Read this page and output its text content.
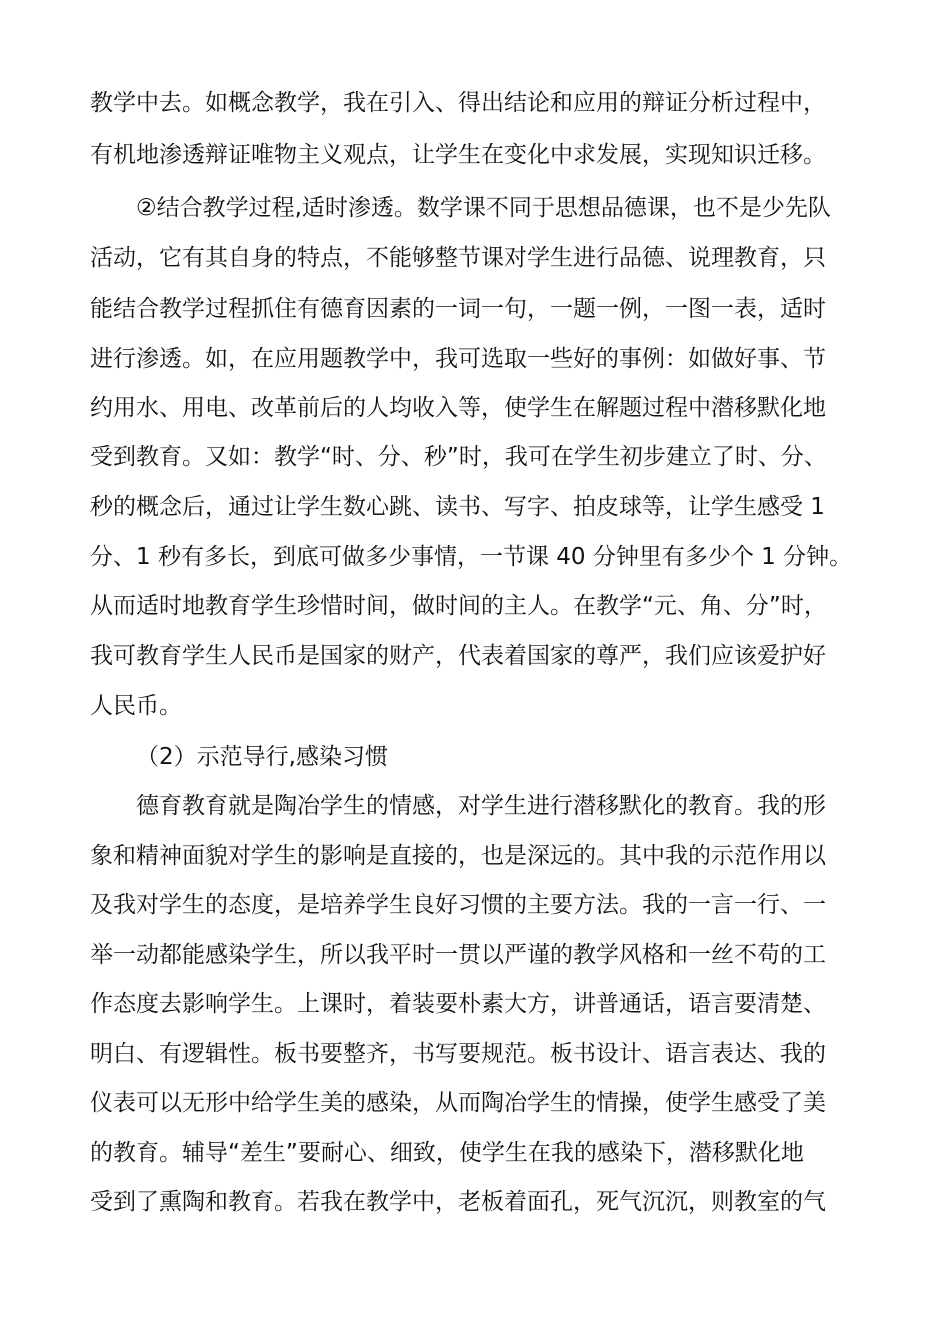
教学中去。如概念教学，我在引入、得出结论和应用的辩证分析过程中，
有机地渗透辩证唯物主义观点，让学生在变化中求发展，实现知识迁移。
②结合教学过程,适时渗透。数学课不同于思想品德课，也不是少先队
活动，它有其自身的特点，不能够整节课对学生进行品德、说理教育，只
能结合教学过程抓住有德育因素的一词一句，一题一例，一图一表，适时
进行渗透。如，在应用题教学中，我可选取一些好的事例：如做好事、节
约用水、用电、改革前后的人均收入等，使学生在解题过程中潜移默化地
受到教育。又如：教学“时、分、秒”时，我可在学生初步建立了时、分、
秒的概念后，通过让学生数心跳、读书、写字、拍皮球等，让学生感受 1
分、1 秒有多长，到底可做多少事情，一节课 40 分钟里有多少个 1 分钟。
从而适时地教育学生珍惜时间，做时间的主人。在教学“元、角、分”时，
我可教育学生人民币是国家的财产，代表着国家的尊严，我们应该爱护好
人民币。
（2）示范导行,感染习惯
德育教育就是陶冶学生的情感，对学生进行潜移默化的教育。我的形
象和精神面貌对学生的影响是直接的，也是深远的。其中我的示范作用以
及我对学生的态度，是培养学生良好习惯的主要方法。我的一言一行、一
举一动都能感染学生，所以我平时一贯以严谨的教学风格和一丝不苟的工
作态度去影响学生。上课时，着装要朴素大方，讲普通话，语言要清楚、
明白、有逻辑性。板书要整齐，书写要规范。板书设计、语言表达、我的
仪表可以无形中给学生美的感染，从而陶冶学生的情操，使学生感受了美
的教育。辅导“差生”要耐心、细致，使学生在我的感染下，潜移默化地
受到了熏陶和教育。若我在教学中，老板着面孔，死气沉沉，则教室的气
